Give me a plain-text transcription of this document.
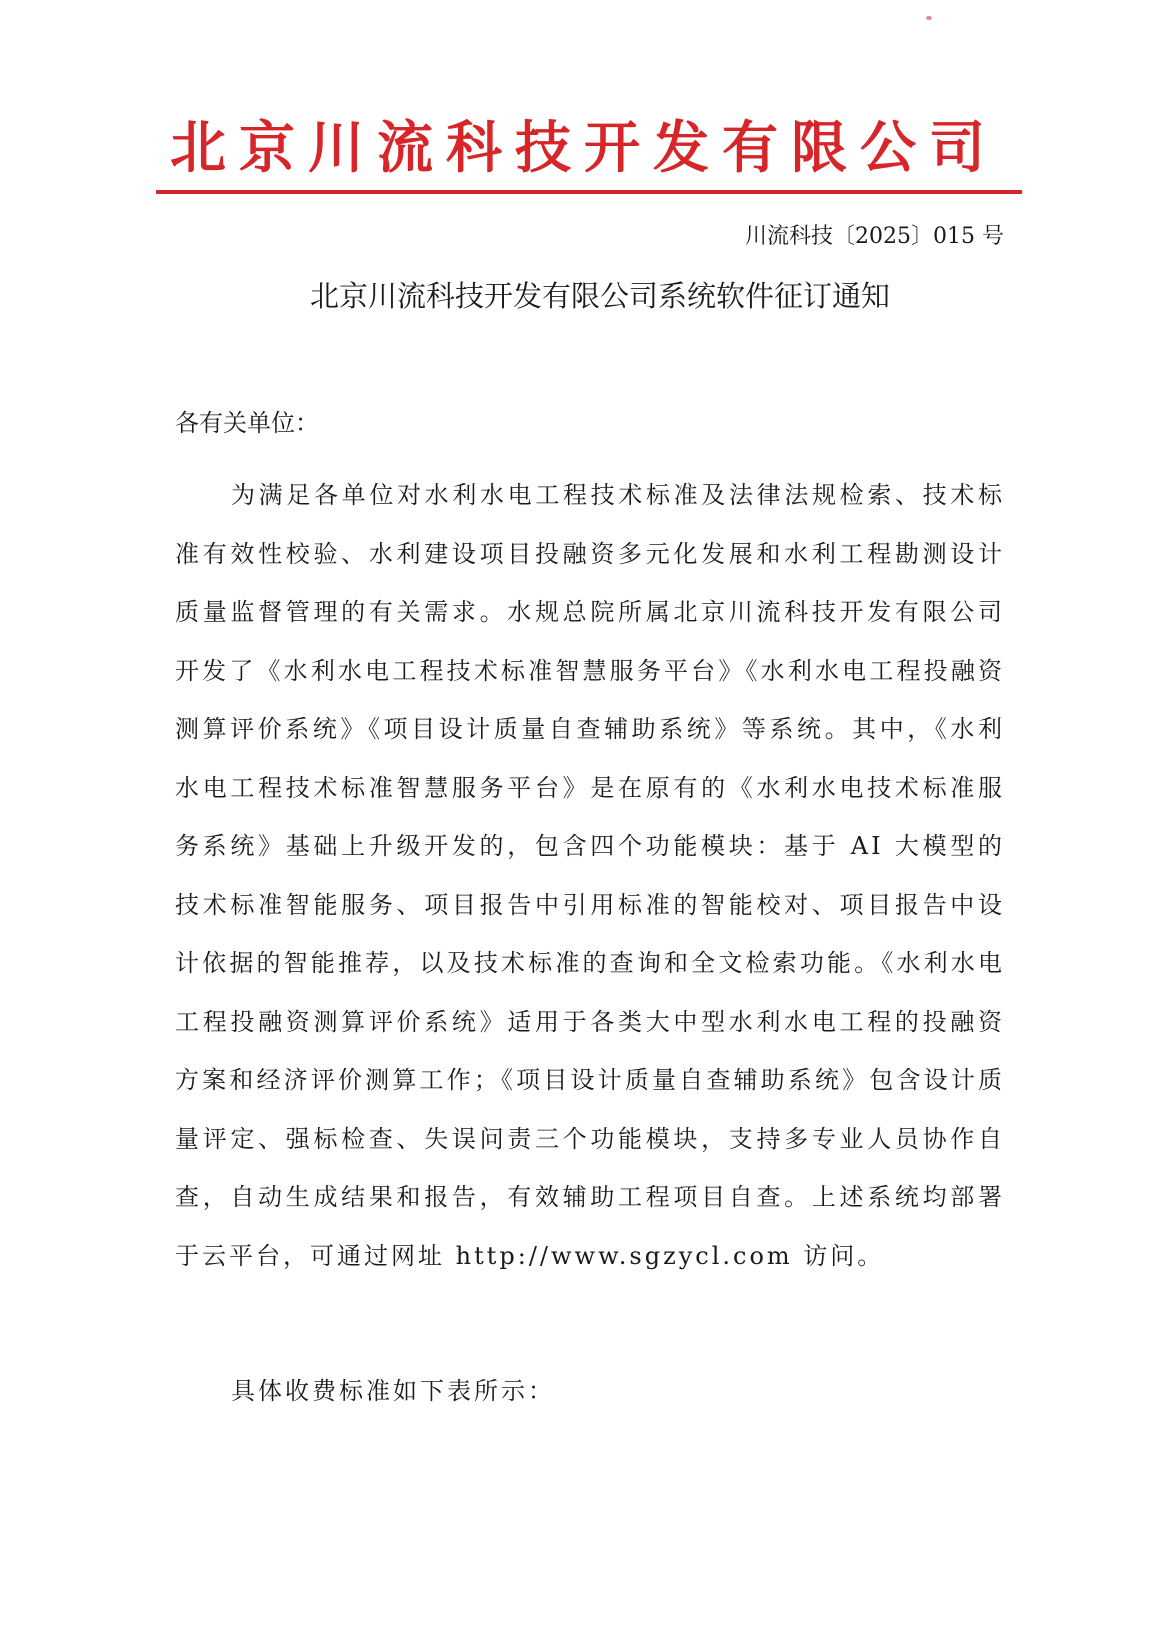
北京川流科技开发有限公司
川流科技〔2025〕015 号
北京川流科技开发有限公司系统软件征订通知
各有关单位：

为满足各单位对水利水电工程技术标准及法律法规检索、技术标准有效性校验、水利建设项目投融资多元化发展和水利工程勘测设计质量监督管理的有关需求。水规总院所属北京川流科技开发有限公司开发了《水利水电工程技术标准智慧服务平台》《水利水电工程投融资测算评价系统》《项目设计质量自查辅助系统》等系统。其中，《水利水电工程技术标准智慧服务平台》是在原有的《水利水电技术标准服务系统》基础上升级开发的，包含四个功能模块：基于 AI 大模型的技术标准智能服务、项目报告中引用标准的智能校对、项目报告中设计依据的智能推荐，以及技术标准的查询和全文检索功能。《水利水电工程投融资测算评价系统》适用于各类大中型水利水电工程的投融资方案和经济评价测算工作；《项目设计质量自查辅助系统》包含设计质量评定、强标检查、失误问责三个功能模块，支持多专业人员协作自查，自动生成结果和报告，有效辅助工程项目自查。上述系统均部署于云平台，可通过网址 http://www.sgzycl.com 访问。

具体收费标准如下表所示：
